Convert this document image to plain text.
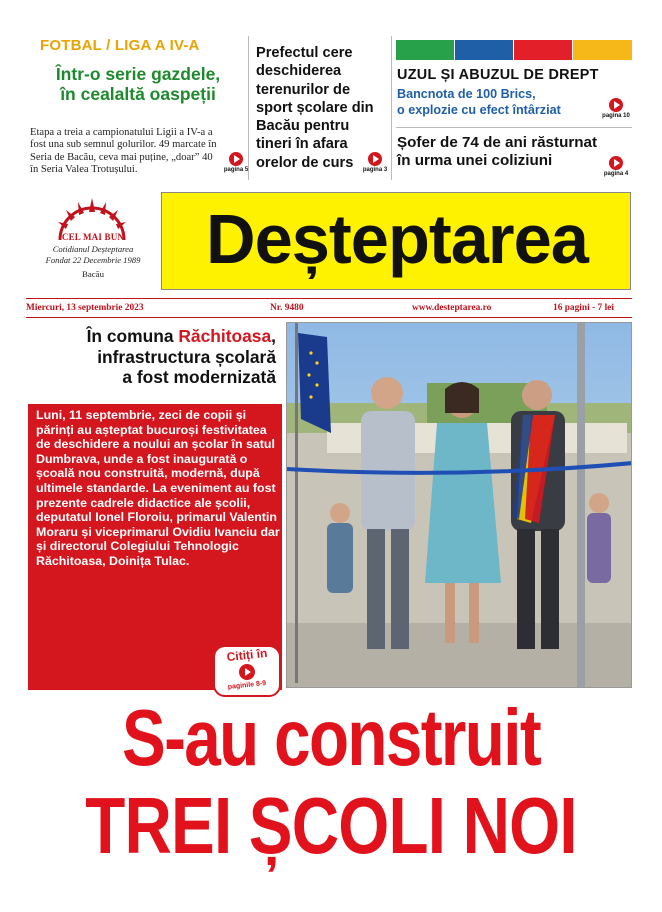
FOTBAL / LIGA A IV-A
Într-o serie gazdele,
în cealaltă oaspeții
Etapa a treia a campionatului Ligii a IV-a a fost una sub semnul golurilor. 49 marcate în Seria de Bacău, ceva mai puține, „doar” 40 în Seria Valea Trotușului.	pagina 5
Prefectul cere deschiderea terenurilor de sport școlare din Bacău pentru tineri în afara orelor de curs	pagina 3
UZUL ȘI ABUZUL DE DREPT
Bancnota de 100 Brics,
o explozie cu efect întârziat	pagina 10
Șofer de 74 de ani răsturnat
în urma unei coliziuni
pagina 4
CEL MAI BUN
Cotidianul Deșteptarea
Fondat 22 Decembrie 1989
Bacău	Deșteptarea
Miercuri, 13 septembrie 2023	Nr. 9480	www.desteptarea.ro	16 pagini - 7 lei
În comuna Răchitoasa,
infrastructura școlară
a fost modernizată
Luni, 11 septembrie, zeci de copii și părinți au așteptat bucuroși festivitatea de deschidere a noului an școlar în satul Dumbrava, unde a fost inaugurată o școală nou construită, modernă, după ultimele standarde. La eveniment au fost prezente cadrele didactice ale școlii, deputatul Ionel Floroiu, primarul Valentin Moraru și viceprimarul Ovidiu Ivanciu dar și directorul Colegiului Tehnologic Răchitoasa, Doinița Tulac.
Citiți în
paginile 8-9
S-au construit
TREI ȘCOLI NOI
